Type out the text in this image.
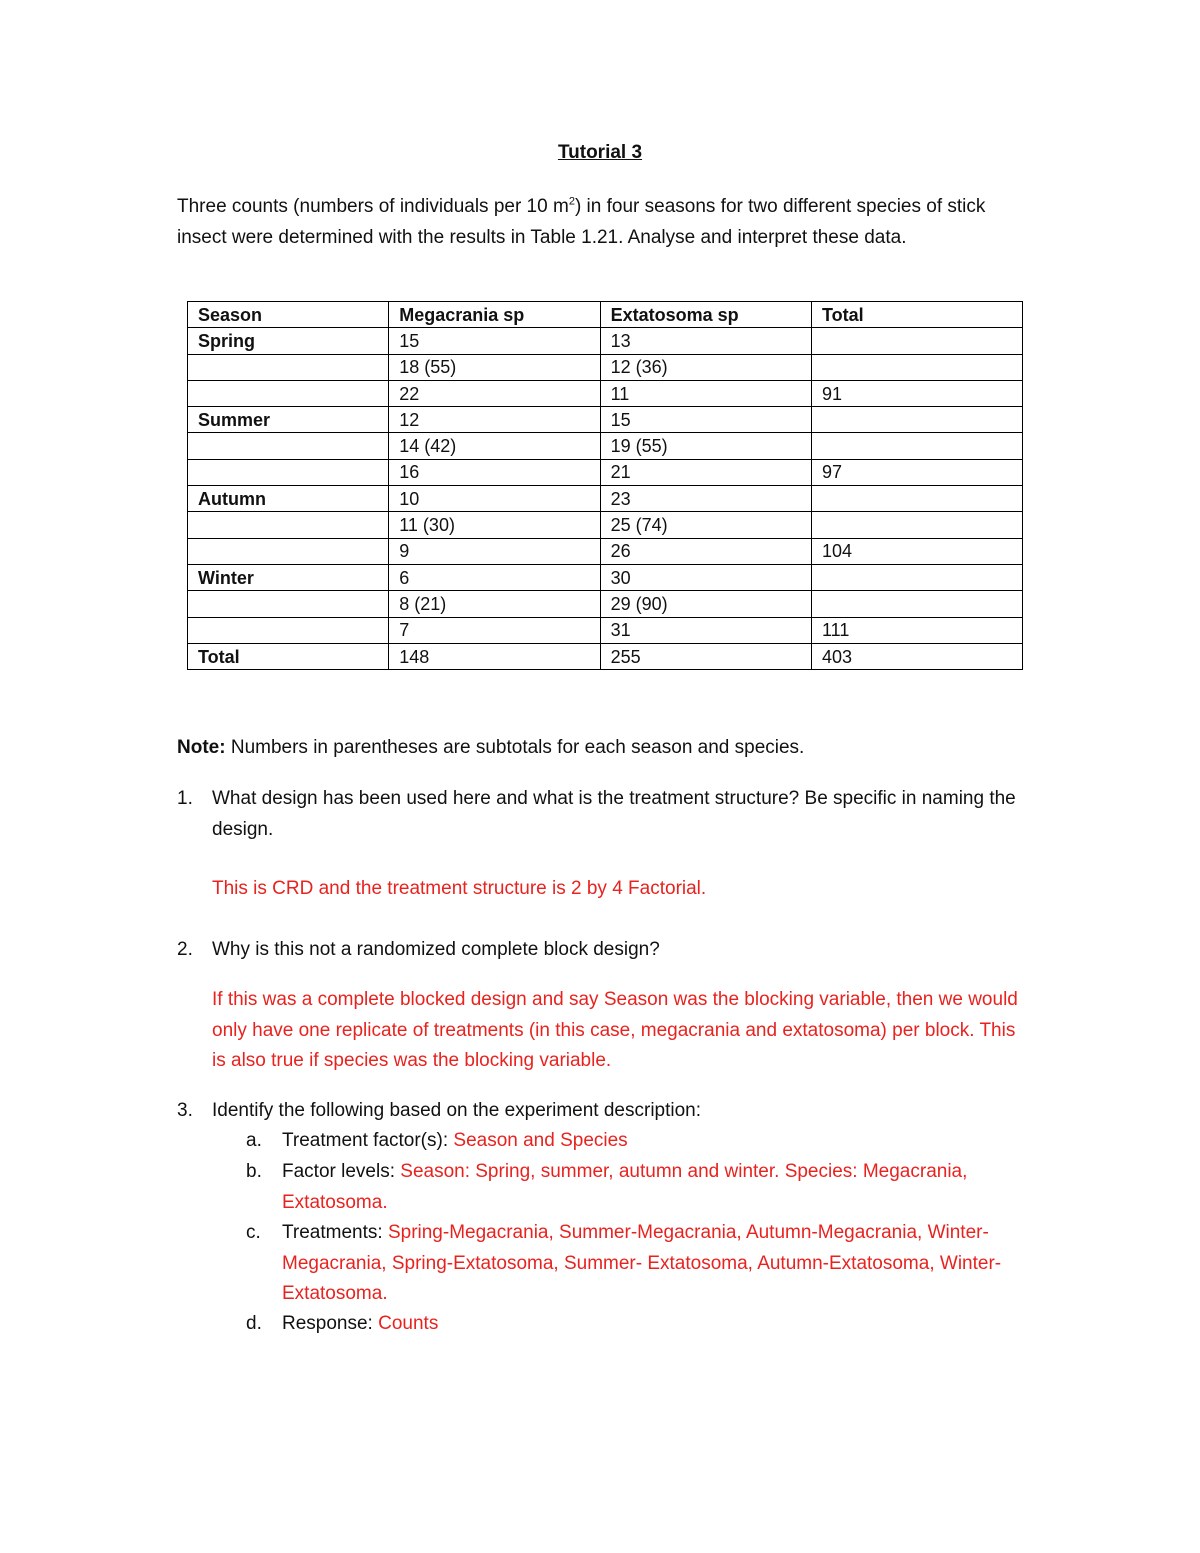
Tutorial 3
Three counts (numbers of individuals per 10 $m^2$) in four seasons for two different species of stick insect were determined with the results in Table 1.21. Analyse and interpret these data.
Season	Megacrania sp	Extatosoma sp	Total
Spring	15	13	
	18 (55)	12 (36)	
	22	11	91
Summer	12	15	
	14 (42)	19 (55)	
	16	21	97
Autumn	10	23	
	11 (30)	25 (74)	
	9	26	104
Winter	6	30	
	8 (21)	29 (90)	
	7	31	111
Total	148	255	403
Note: Numbers in parentheses are subtotals for each season and species.
1. What design has been used here and what is the treatment structure? Be specific in naming the design.
This is CRD and the treatment structure is 2 by 4 Factorial.
2. Why is this not a randomized complete block design?
If this was a complete blocked design and say Season was the blocking variable, then we would only have one replicate of treatments (in this case, megacrania and extatosoma) per block. This is also true if species was the blocking variable.
3. Identify the following based on the experiment description:
a. Treatment factor(s): Season and Species
b. Factor levels: Season: Spring, summer, autumn and winter. Species: Megacrania, Extatosoma.
c. Treatments: Spring-Megacrania, Summer-Megacrania, Autumn-Megacrania, Winter-Megacrania, Spring-Extatosoma, Summer- Extatosoma, Autumn-Extatosoma, Winter- Extatosoma.
d. Response: Counts
